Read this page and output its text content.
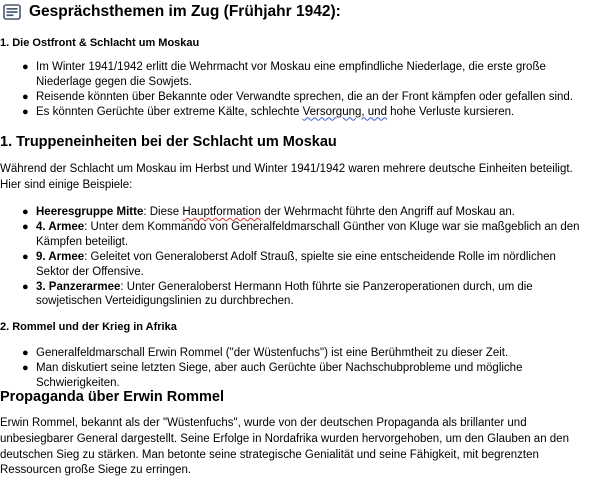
Gesprächsthemen im Zug (Frühjahr 1942):
1. Die Ostfront & Schlacht um Moskau
● Im Winter 1941/1942 erlitt die Wehrmacht vor Moskau eine empfindliche Niederlage, die erste große Niederlage gegen die Sowjets.
● Reisende könnten über Bekannte oder Verwandte sprechen, die an der Front kämpfen oder gefallen sind.
● Es könnten Gerüchte über extreme Kälte, schlechte Versorgung, und hohe Verluste kursieren.
1. Truppeneinheiten bei der Schlacht um Moskau

Während der Schlacht um Moskau im Herbst und Winter 1941/1942 waren mehrere deutsche Einheiten beteiligt. Hier sind einige Beispiele:

● Heeresgruppe Mitte: Diese Hauptformation der Wehrmacht führte den Angriff auf Moskau an.
● 4. Armee: Unter dem Kommando von Generalfeldmarschall Günther von Kluge war sie maßgeblich an den Kämpfen beteiligt.
● 9. Armee: Geleitet von Generaloberst Adolf Strauß, spielte sie eine entscheidende Rolle im nördlichen Sektor der Offensive.
● 3. Panzerarmee: Unter Generaloberst Hermann Hoth führte sie Panzeroperationen durch, um die sowjetischen Verteidigungslinien zu durchbrechen.
2. Rommel und der Krieg in Afrika
● Generalfeldmarschall Erwin Rommel ("der Wüstenfuchs") ist eine Berühmtheit zu dieser Zeit.
● Man diskutiert seine letzten Siege, aber auch Gerüchte über Nachschubprobleme und mögliche Schwierigkeiten.
Propaganda über Erwin Rommel

Erwin Rommel, bekannt als der "Wüstenfuchs", wurde von der deutschen Propaganda als brillanter und unbesiegbarer General dargestellt. Seine Erfolge in Nordafrika wurden hervorgehoben, um den Glauben an den deutschen Sieg zu stärken. Man betonte seine strategische Genialität und seine Fähigkeit, mit begrenzten Ressourcen große Siege zu erringen.
